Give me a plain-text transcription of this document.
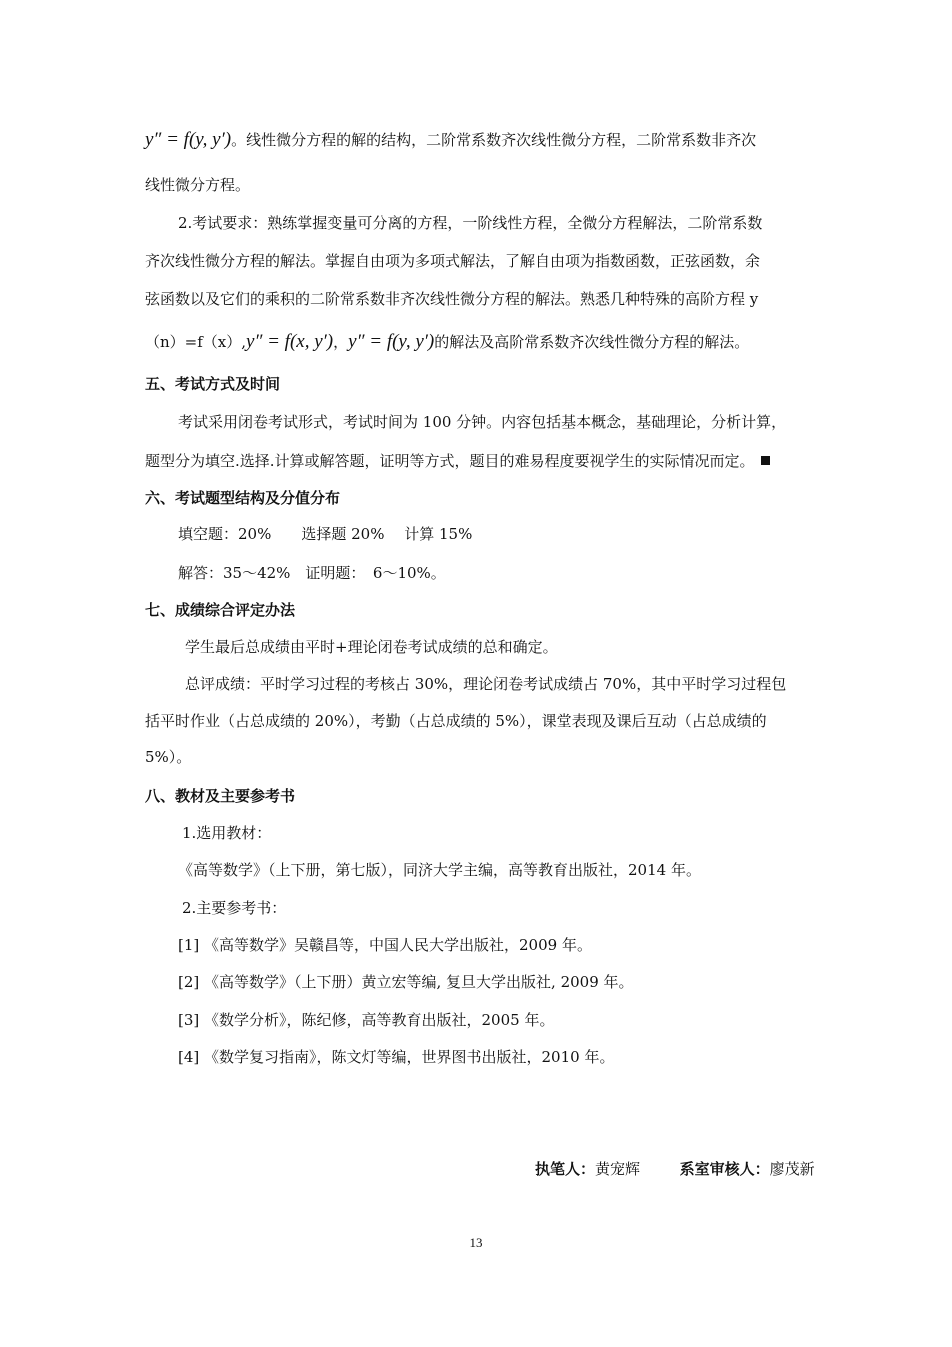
y″ = f(y, y′)。线性微分方程的解的结构，二阶常系数齐次线性微分方程，二阶常系数非齐次
线性微分方程。
2.考试要求：熟练掌握变量可分离的方程，一阶线性方程，全微分方程解法，二阶常系数
齐次线性微分方程的解法。掌握自由项为多项式解法，了解自由项为指数函数，正弦函数，余
弦函数以及它们的乘积的二阶常系数非齐次线性微分方程的解法。熟悉几种特殊的高阶方程 y
（n）=f（x）,y″ = f(x, y′)，y″ = f(y, y′)的解法及高阶常系数齐次线性微分方程的解法。
五、考试方式及时间
考试采用闭卷考试形式，考试时间为 100 分钟。内容包括基本概念，基础理论，分析计算，
题型分为填空.选择.计算或解答题，证明等方式，题目的难易程度要视学生的实际情况而定。
六、考试题型结构及分值分布
填空题：20%　　选择题 20%　 计算 15%
解答：35～42%　证明题：　6～10%。
七、成绩综合评定办法
学生最后总成绩由平时+理论闭卷考试成绩的总和确定。
总评成绩：平时学习过程的考核占 30%，理论闭卷考试成绩占 70%，其中平时学习过程包
括平时作业（占总成绩的 20%），考勤（占总成绩的 5%），课堂表现及课后互动（占总成绩的
5%）。
八、教材及主要参考书
1.选用教材：
《高等数学》（上下册，第七版），同济大学主编，高等教育出版社，2014 年。
2.主要参考书：
[1] 《高等数学》吴赣昌等，中国人民大学出版社，2009 年。
[2] 《高等数学》（上下册）黄立宏等编, 复旦大学出版社, 2009 年。
[3] 《数学分析》，陈纪修，高等教育出版社，2005 年。
[4] 《数学复习指南》，陈文灯等编，世界图书出版社，2010 年。
执笔人：黄宠辉	系室审核人：廖茂新
13
